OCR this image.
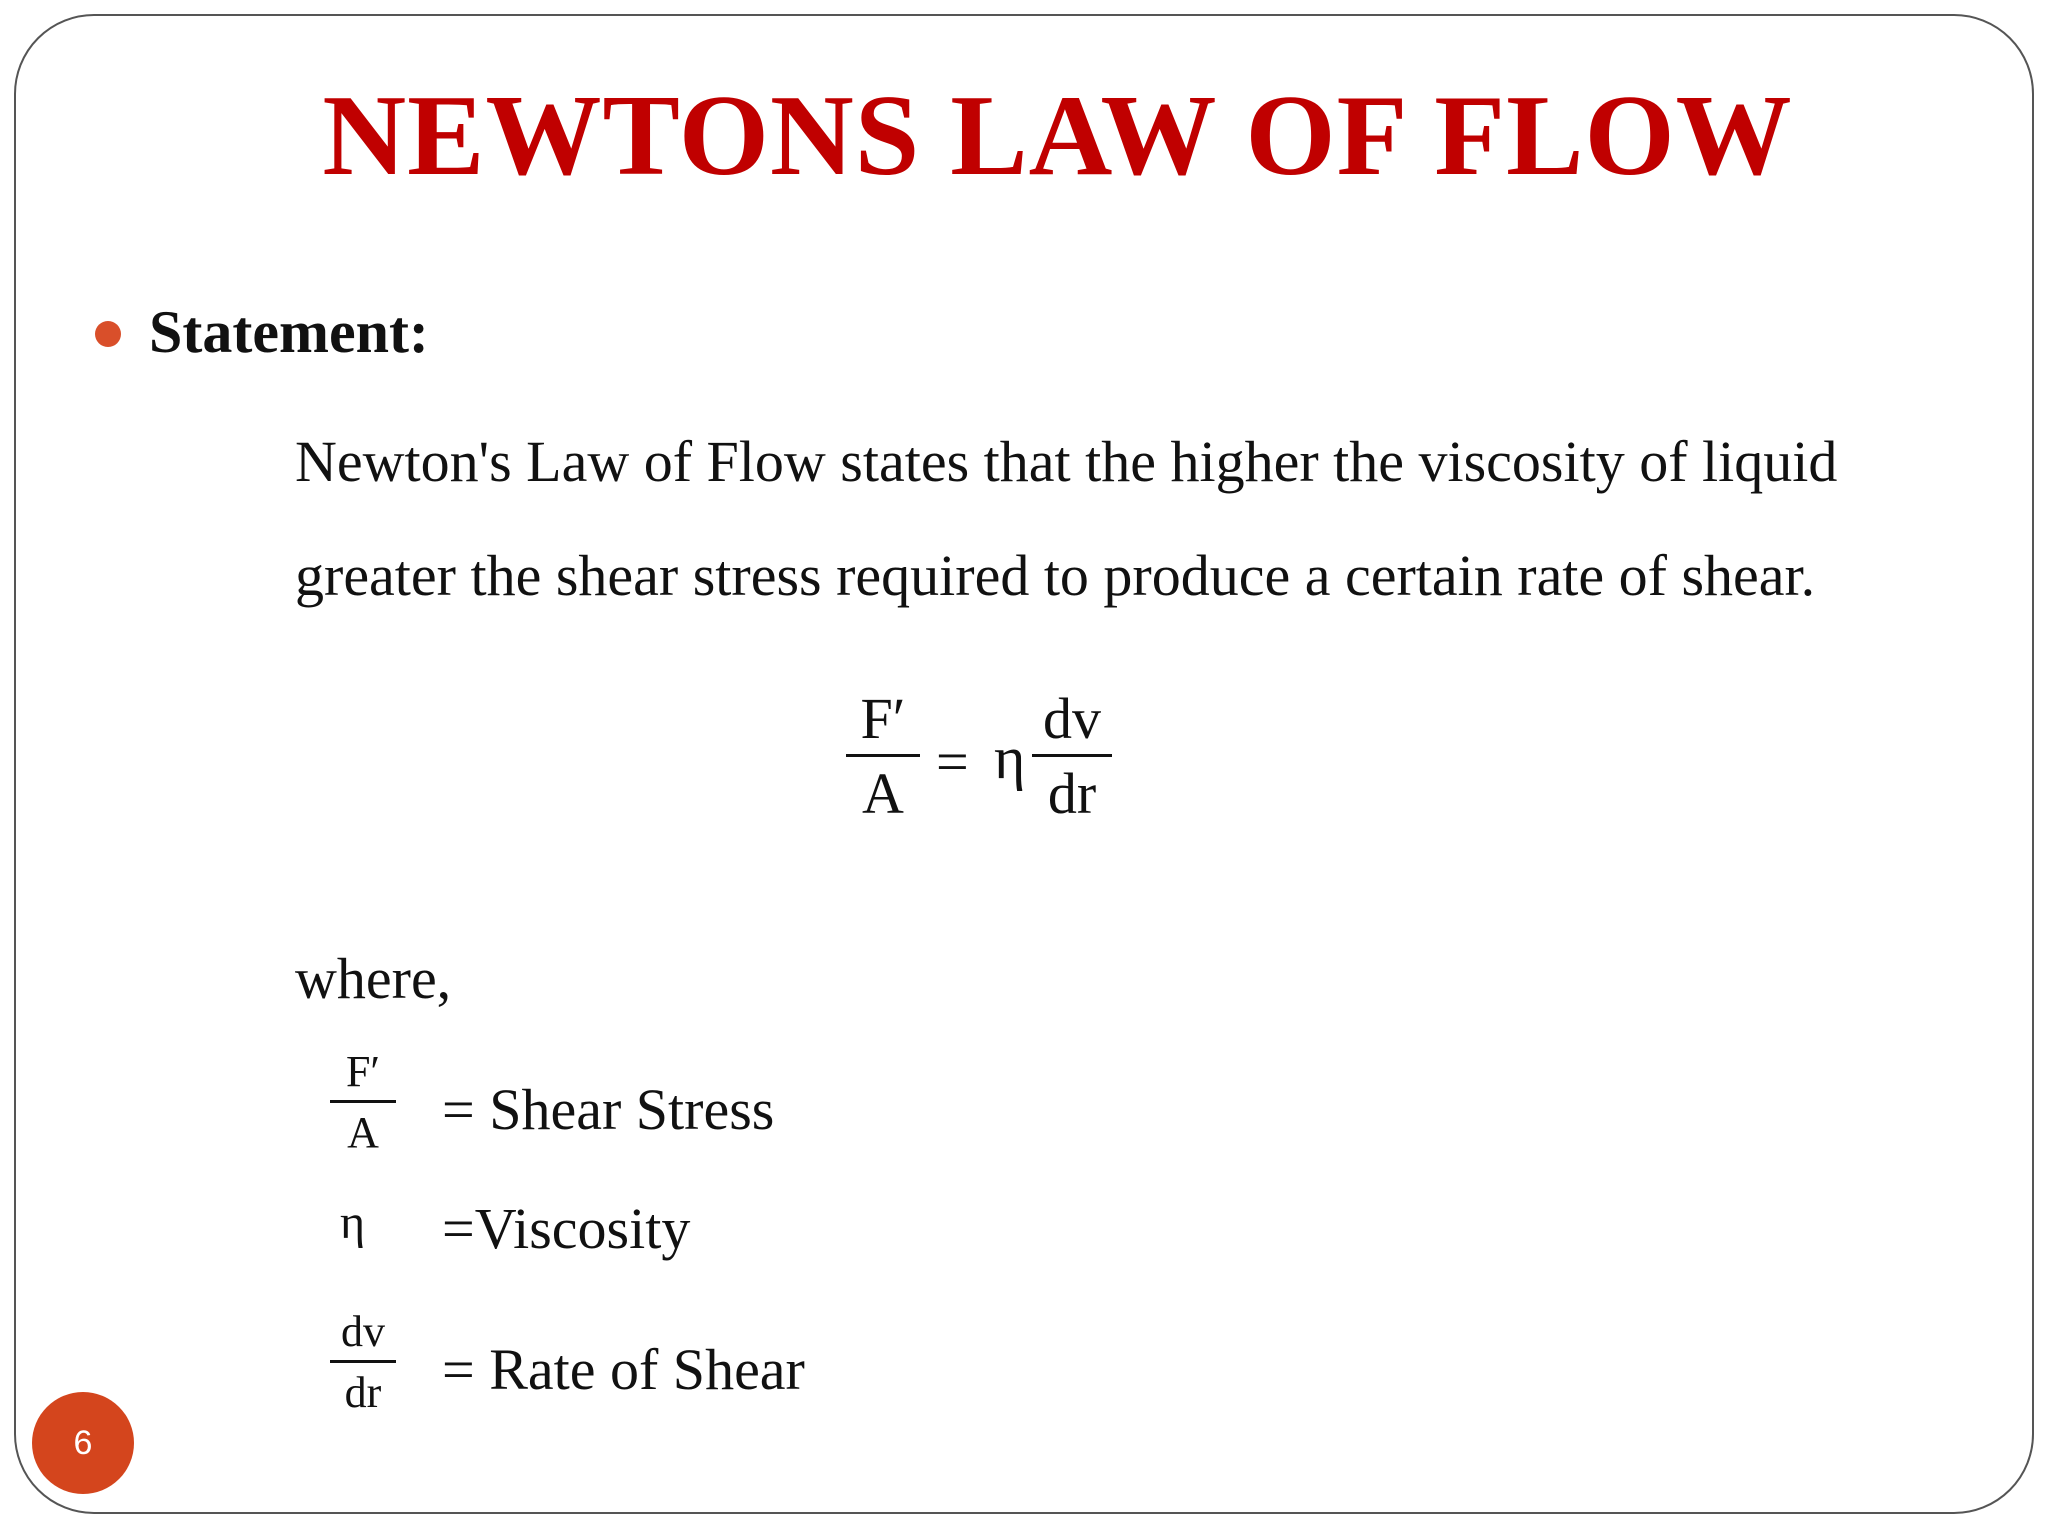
NEWTONS LAW OF FLOW
Statement:
Newton's Law of Flow states that the higher the viscosity of liquid
greater the shear stress required to produce a certain rate of shear.
F′
A = η
dv
dr
where,
F′
A = Shear Stress
η =Viscosity
dv
dr = Rate of Shear
6
